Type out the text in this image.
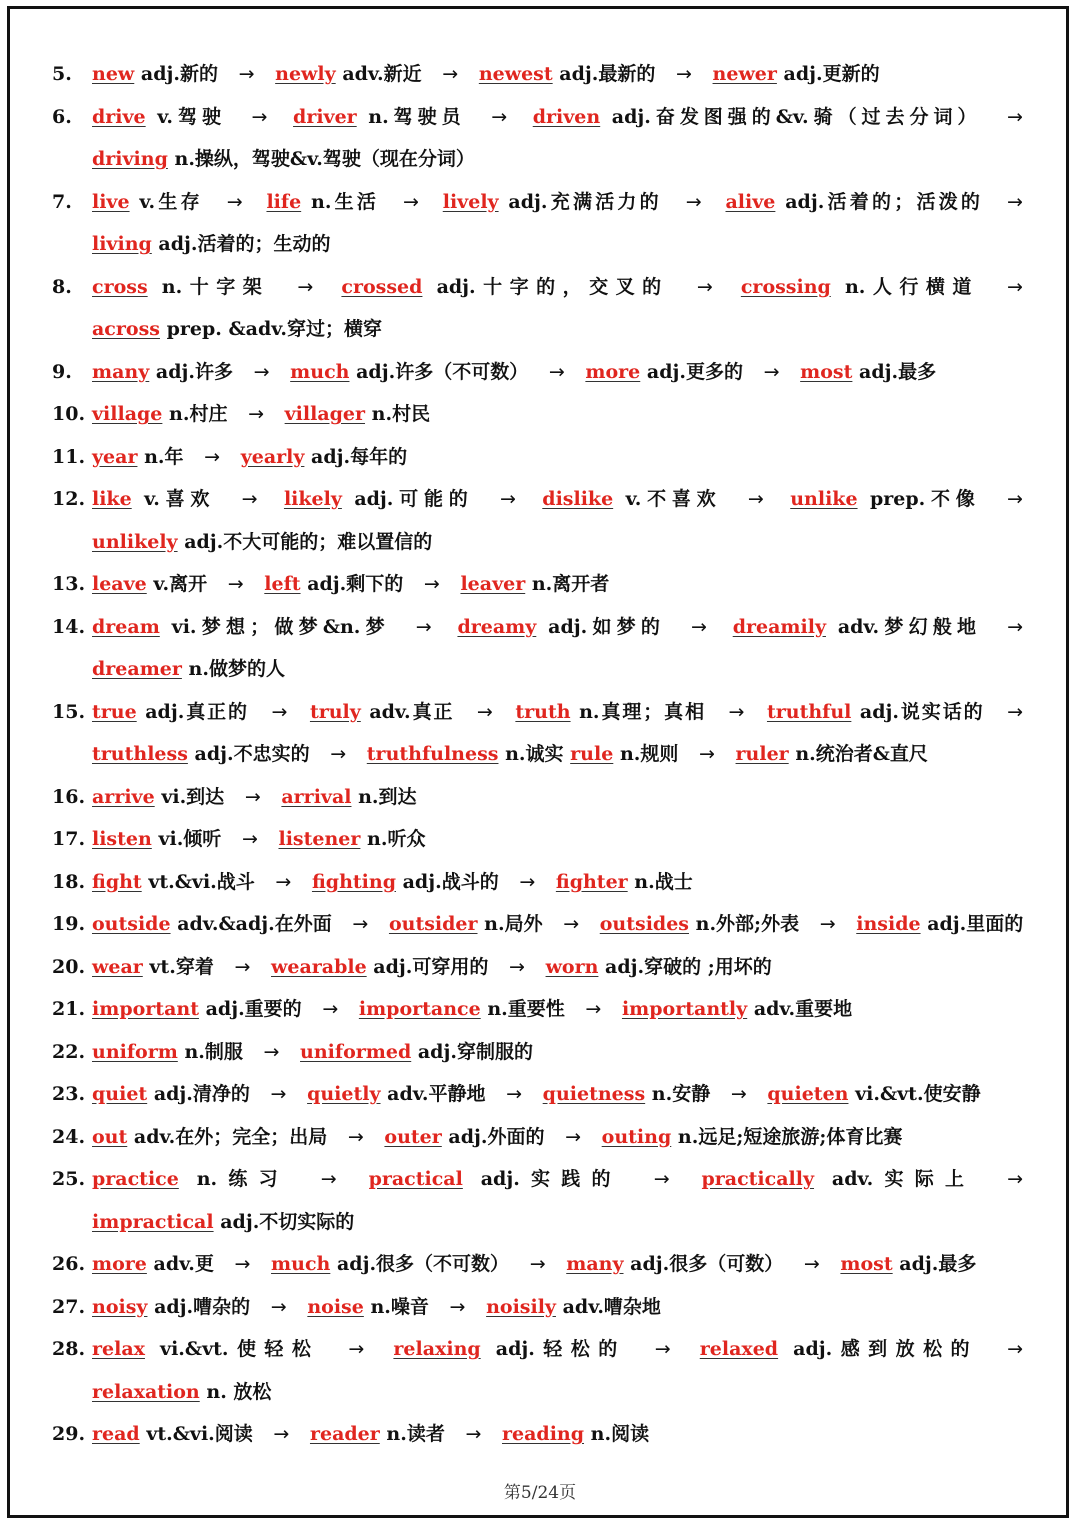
5.	new adj.新的 → newly adv.新近 → newest adj.最新的 → newer adj.更新的
6.	drive v.驾驶 → driver n.驾驶员 → driven adj.奋发图强的&v.骑（过去分词） → driving n.操纵，驾驶&v.驾驶（现在分词）
7.	live v.生存 → life n.生活 → lively adj.充满活力的 → alive adj.活着的；活泼的 → living adj.活着的；生动的
8.	cross n.十字架 → crossed adj.十字的，交叉的 → crossing n.人行横道 → across prep. &adv.穿过；横穿
9.	many adj.许多 → much adj.许多（不可数） → more adj.更多的 → most adj.最多
10. village n.村庄 → villager n.村民
11. year n.年 → yearly adj.每年的
12. like v.喜欢 → likely adj.可能的 → dislike v.不喜欢 → unlike prep.不像 → unlikely adj.不大可能的；难以置信的
13. leave v.离开 → left adj.剩下的 → leaver n.离开者
14. dream vi.梦想；做梦&n.梦 → dreamy adj.如梦的 → dreamily adv.梦幻般地 → dreamer n.做梦的人
15. true adj.真正的 → truly adv.真正 → truth n.真理；真相 → truthful adj.说实话的 → truthless adj.不忠实的 → truthfulness n.诚实 rule n.规则 → ruler n.统治者&直尺
16. arrive vi.到达 → arrival n.到达
17. listen vi.倾听 → listener n.听众
18. fight vt.&vi.战斗 → fighting adj.战斗的 → fighter n.战士
19. outside adv.&adj.在外面 → outsider n.局外 → outsides n.外部;外表 → inside adj.里面的
20. wear vt.穿着 → wearable adj.可穿用的 → worn adj.穿破的 ;用坏的
21. important adj.重要的 → importance n.重要性 → importantly adv.重要地
22. uniform n.制服 → uniformed adj.穿制服的
23. quiet adj.清净的 → quietly adv.平静地 → quietness n.安静 → quieten vi.&vt.使安静
24. out adv.在外；完全；出局 → outer adj.外面的 → outing n.远足;短途旅游;体育比赛
25. practice n.练习 → practical adj.实践的 → practically adv.实际上 → impractical adj.不切实际的
26. more adv.更 → much adj.很多（不可数） → many adj.很多（可数） → most adj.最多
27. noisy adj.嘈杂的 → noise n.噪音 → noisily adv.嘈杂地
28. relax vi.&vt.使轻松 → relaxing adj.轻松的 → relaxed adj.感到放松的 → relaxation n. 放松
29. read vt.&vi.阅读 → reader n.读者 → reading n.阅读
第5/24页
